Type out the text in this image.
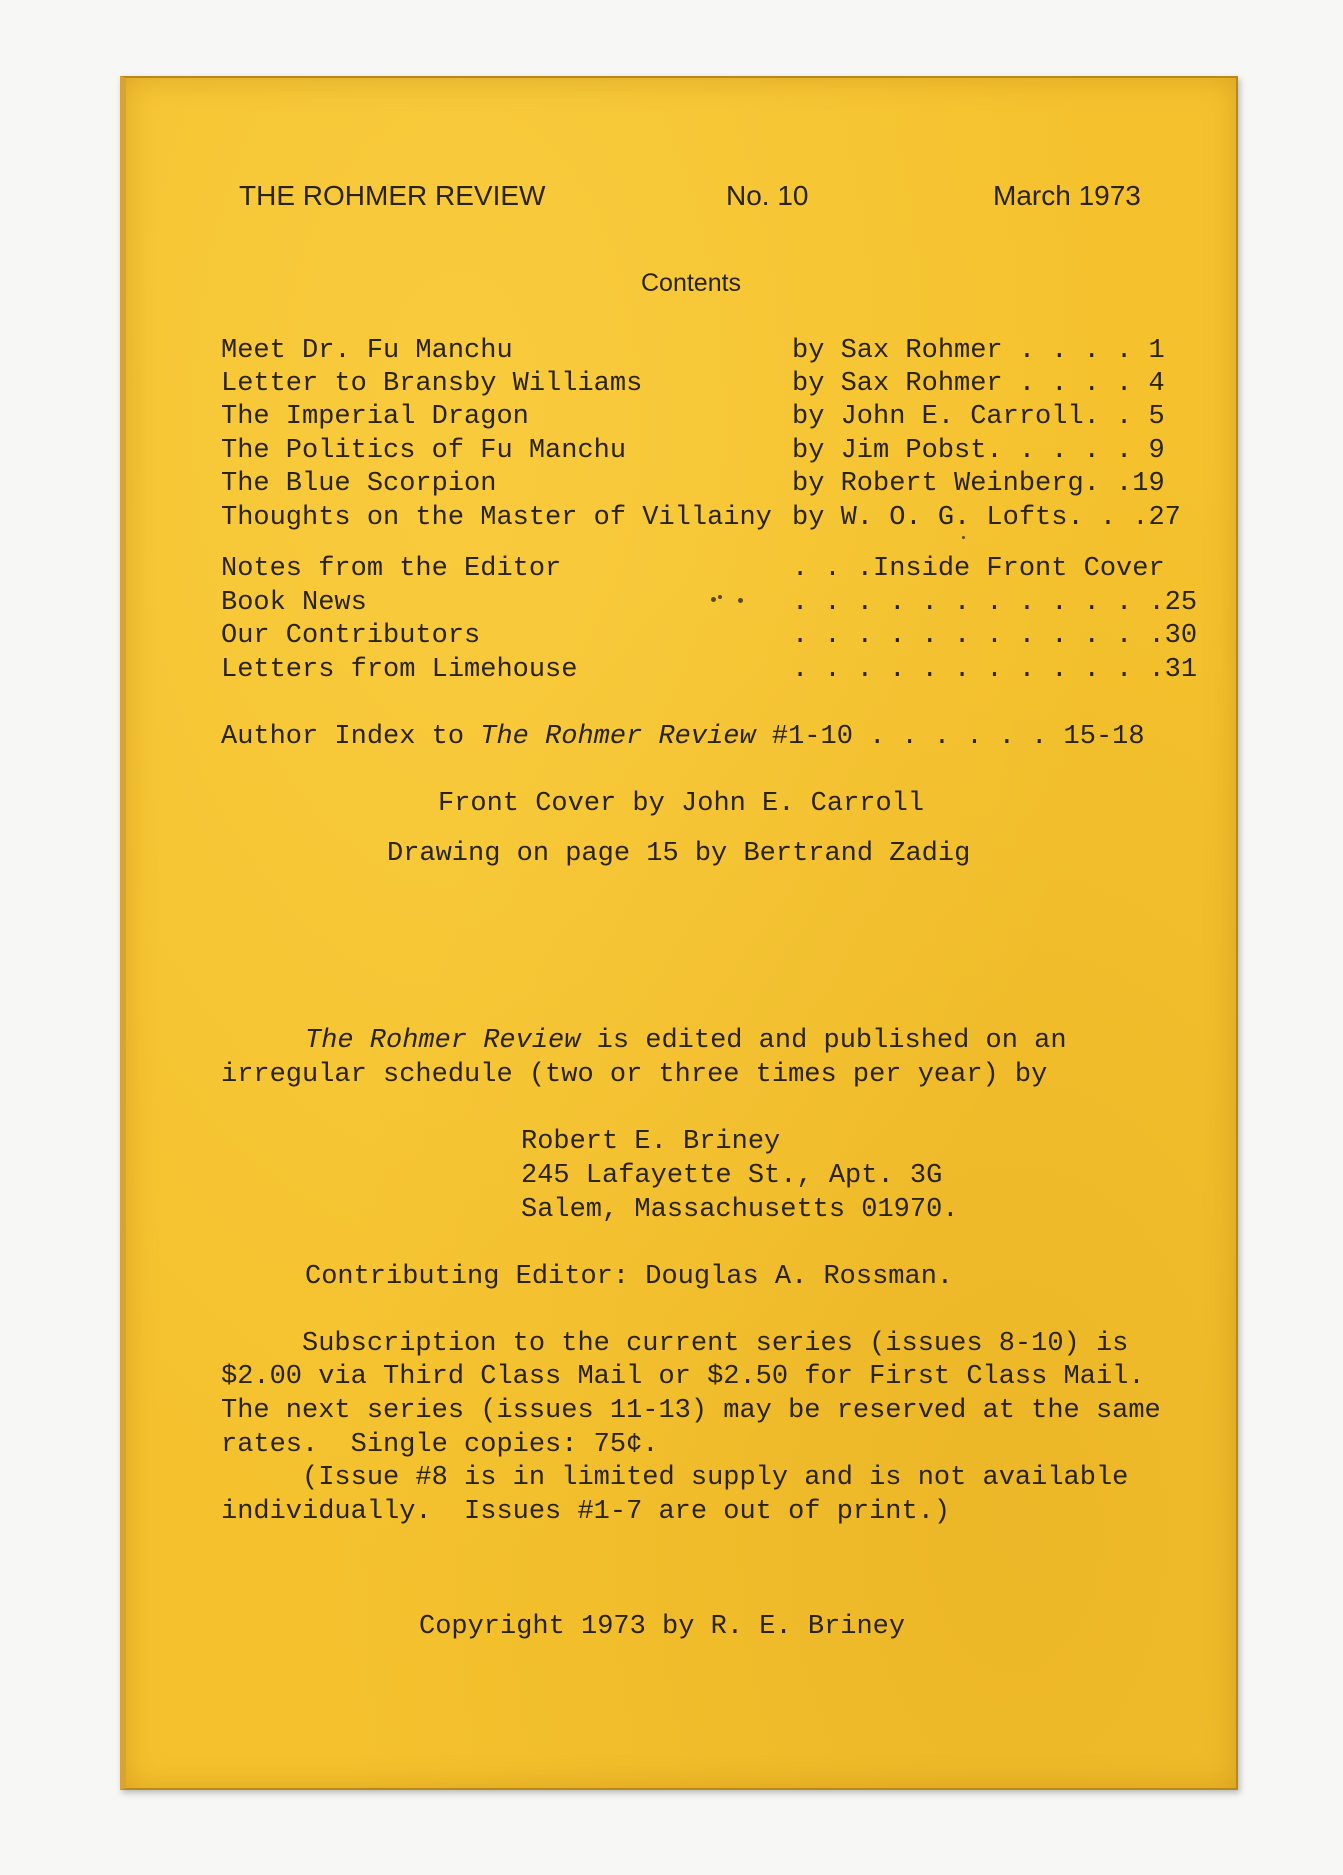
THE ROHMER REVIEW	No. 10	March 1973
Contents
Meet Dr. Fu Manchu	by Sax Rohmer . . . . 1
Letter to Bransby Williams	by Sax Rohmer . . . . 4
The Imperial Dragon	by John E. Carroll. . 5
The Politics of Fu Manchu	by Jim Pobst. . . . . 9
The Blue Scorpion	by Robert Weinberg. .19
Thoughts on the Master of Villainy by W. O. G. Lofts. . .27
Notes from the Editor	. . .Inside Front Cover
Book News	. . . . . . . . . . . .25
Our Contributors	. . . . . . . . . . . .30
Letters from Limehouse	. . . . . . . . . . . .31
Author Index to The Rohmer Review #1-10 . . . . . . 15-18
Front Cover by John E. Carroll
Drawing on page 15 by Bertrand Zadig
The Rohmer Review is edited and published on an
irregular schedule (two or three times per year) by
Robert E. Briney
245 Lafayette St., Apt. 3G
Salem, Massachusetts 01970.
Contributing Editor: Douglas A. Rossman.
Subscription to the current series (issues 8-10) is
$2.00 via Third Class Mail or $2.50 for First Class Mail.
The next series (issues 11-13) may be reserved at the same
rates.  Single copies: 75¢.
(Issue #8 is in limited supply and is not available
individually.  Issues #1-7 are out of print.)
Copyright 1973 by R. E. Briney
